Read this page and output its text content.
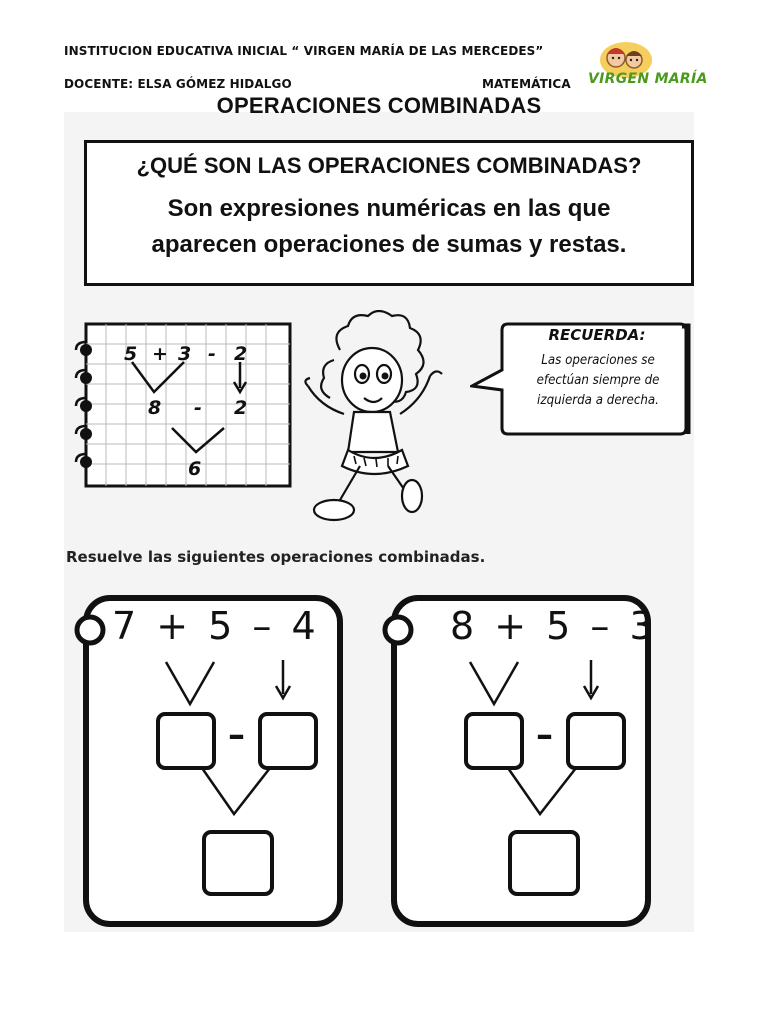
INSTITUCION EDUCATIVA INICIAL “ VIRGEN MARÍA DE LAS MERCEDES”
DOCENTE: ELSA GÓMEZ HIDALGO	MATEMÁTICA VIRGEN MARÍA
OPERACIONES COMBINADAS
¿QUÉ SON LAS OPERACIONES COMBINADAS?
Son expresiones numéricas en las que
aparecen operaciones de sumas y restas.
5 + 3 - 2
8 - 2
6
RECUERDA:
Las operaciones se
efectúan siempre de
izquierda a derecha.
Resuelve las siguientes operaciones combinadas.
7 + 5 – 4
–
8 + 5 – 3
–
